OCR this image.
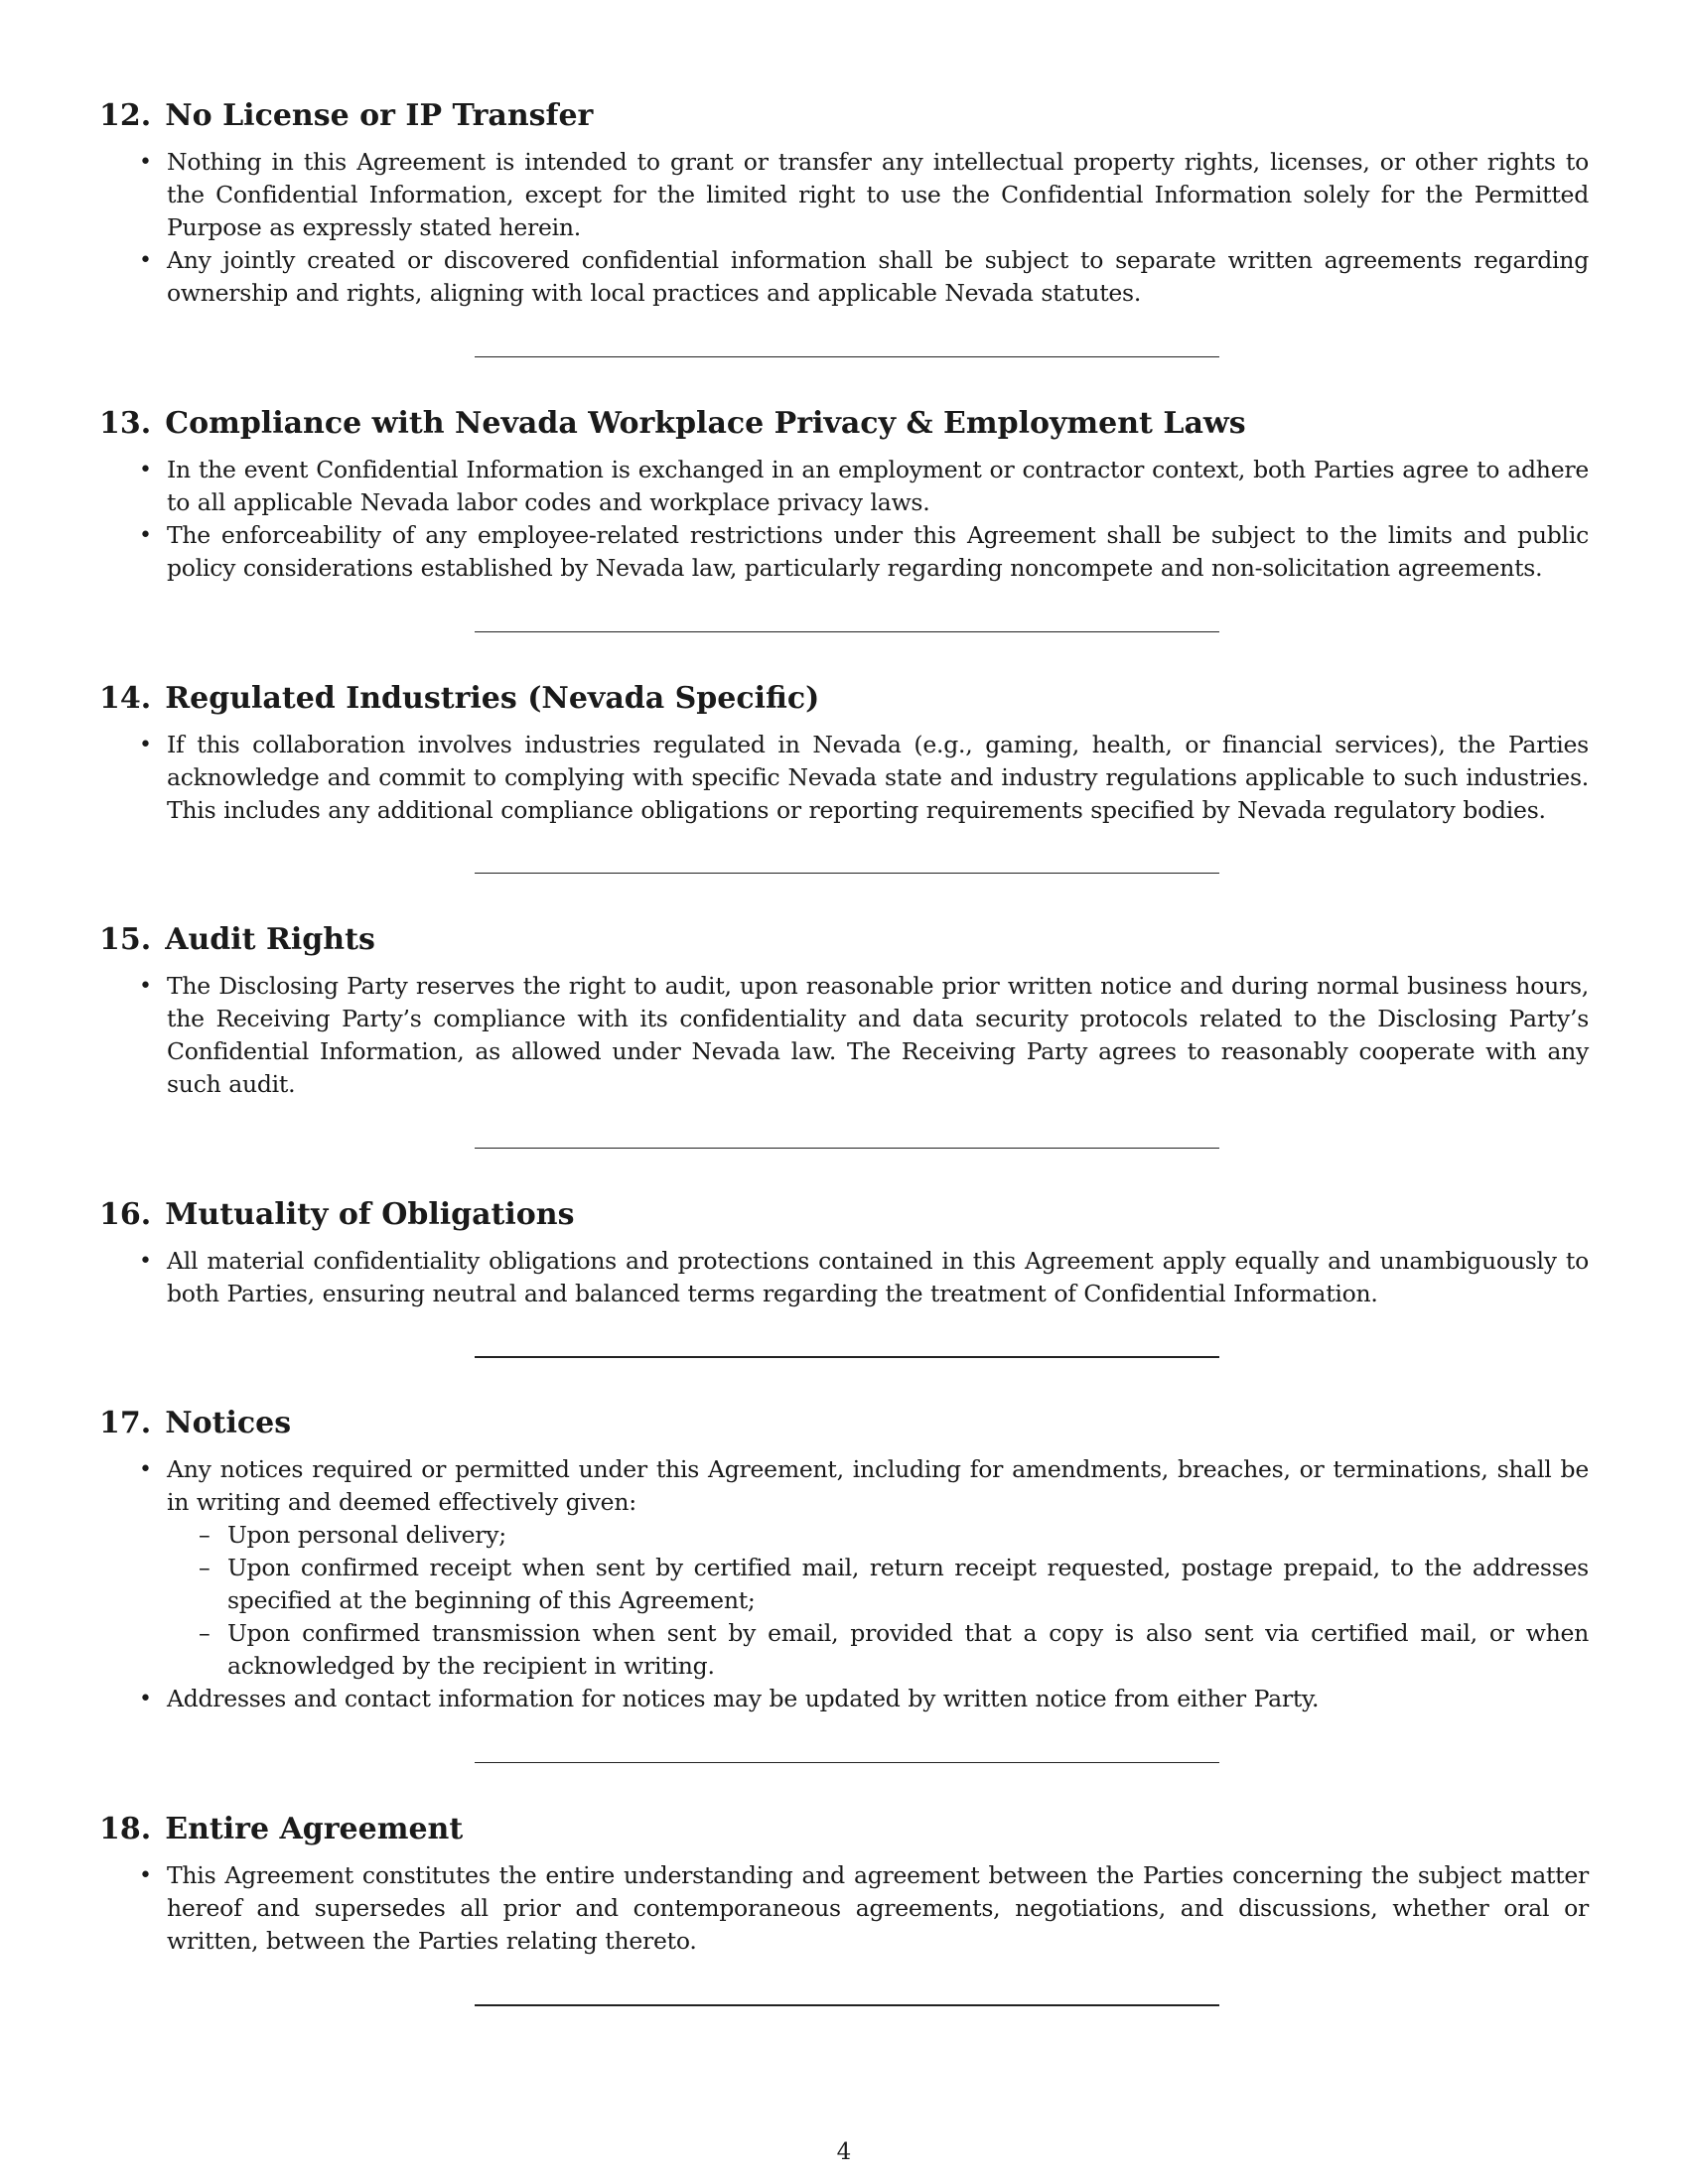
12. No License or IP Transfer
• Nothing in this Agreement is intended to grant or transfer any intellectual property rights, licenses, or other rights to the Confidential Information, except for the limited right to use the Confidential Information solely for the Permitted Purpose as expressly stated herein.
• Any jointly created or discovered confidential information shall be subject to separate written agreements regarding ownership and rights, aligning with local practices and applicable Nevada statutes.
13. Compliance with Nevada Workplace Privacy & Employment Laws
• In the event Confidential Information is exchanged in an employment or contractor context, both Parties agree to adhere to all applicable Nevada labor codes and workplace privacy laws.
• The enforceability of any employee-related restrictions under this Agreement shall be subject to the limits and public policy considerations established by Nevada law, particularly regarding noncompete and non-solicitation agreements.
14. Regulated Industries (Nevada Specific)
• If this collaboration involves industries regulated in Nevada (e.g., gaming, health, or financial services), the Parties acknowledge and commit to complying with specific Nevada state and industry regulations applicable to such industries. This includes any additional compliance obligations or reporting requirements specified by Nevada regulatory bodies.
15. Audit Rights
• The Disclosing Party reserves the right to audit, upon reasonable prior written notice and during normal business hours, the Receiving Party’s compliance with its confidentiality and data security protocols related to the Disclosing Party’s Confidential Information, as allowed under Nevada law. The Receiving Party agrees to reasonably cooperate with any such audit.
16. Mutuality of Obligations
• All material confidentiality obligations and protections contained in this Agreement apply equally and unambiguously to both Parties, ensuring neutral and balanced terms regarding the treatment of Confidential Information.
17. Notices
• Any notices required or permitted under this Agreement, including for amendments, breaches, or terminations, shall be in writing and deemed effectively given:
– Upon personal delivery;
– Upon confirmed receipt when sent by certified mail, return receipt requested, postage prepaid, to the addresses specified at the beginning of this Agreement;
– Upon confirmed transmission when sent by email, provided that a copy is also sent via certified mail, or when acknowledged by the recipient in writing.
• Addresses and contact information for notices may be updated by written notice from either Party.
18. Entire Agreement
• This Agreement constitutes the entire understanding and agreement between the Parties concerning the subject matter hereof and supersedes all prior and contemporaneous agreements, negotiations, and discussions, whether oral or written, between the Parties relating thereto.
4
